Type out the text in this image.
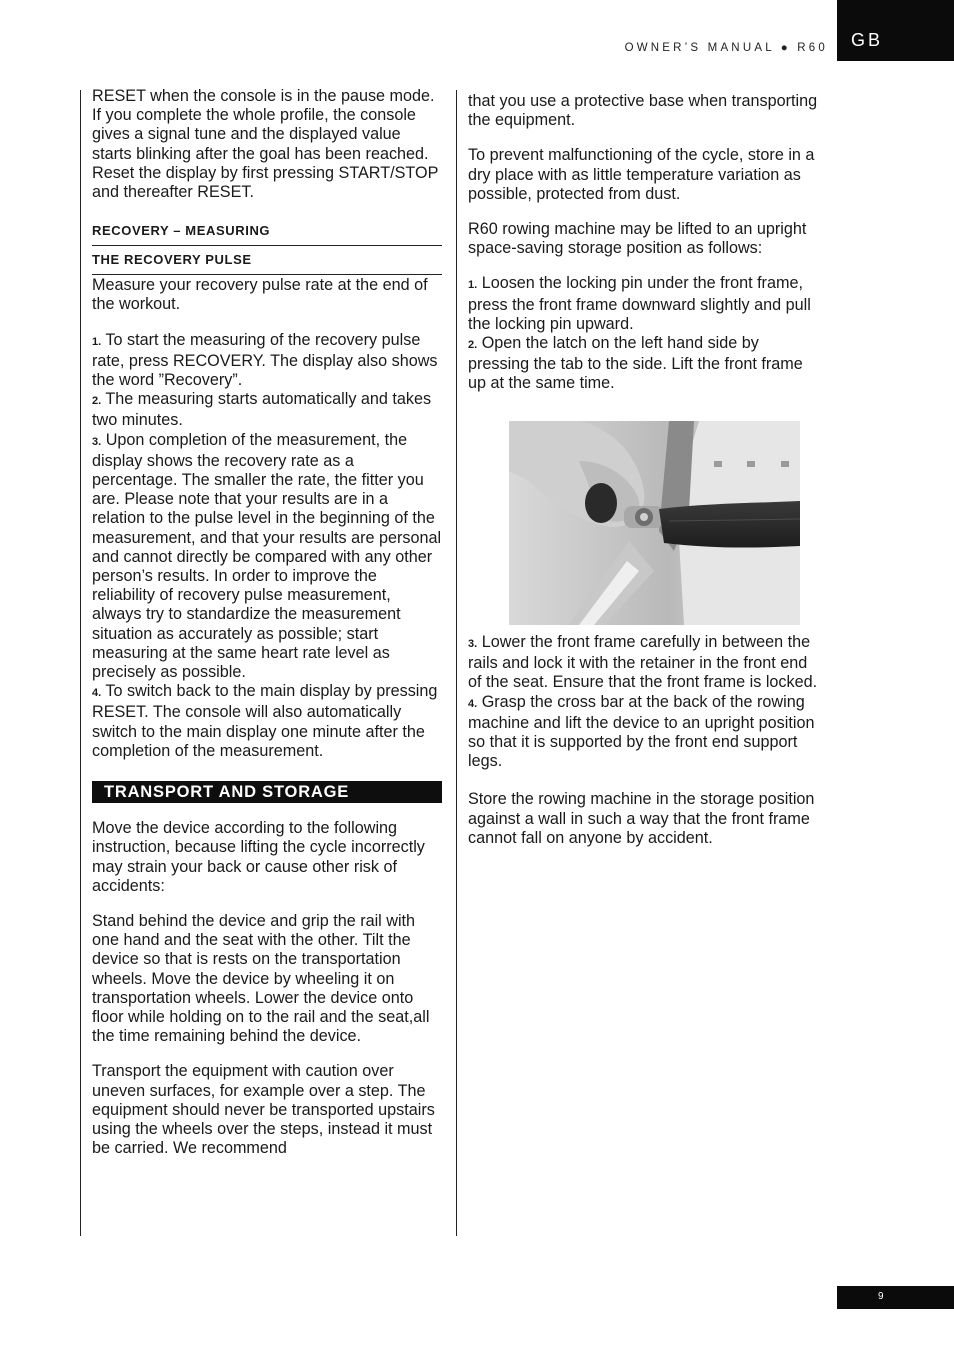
OWNER’S MANUAL ● R60 GB

RESET when the console is in the pause mode.

If you complete the whole profile, the console gives a signal tune and the displayed value starts blinking after the goal has been reached. Reset the display by first pressing START/STOP and thereafter RESET.

RECOVERY – MEASURING
THE RECOVERY PULSE

Measure your recovery pulse rate at the end of the workout.

1. To start the measuring of the recovery pulse rate, press RECOVERY. The display also shows the word ”Recovery”.

2. The measuring starts automatically and takes two minutes.

3. Upon completion of the measurement, the display shows the recovery rate as a percentage. The smaller the rate, the fitter you are. Please note that your results are in a relation to the pulse level in the beginning of the measurement, and that your results are personal and cannot directly be compared with any other person’s results. In order to improve the reliability of recovery pulse measurement, always try to standardize the measurement situation as accurately as possible; start measuring at the same heart rate level as precisely as possible.

4. To switch back to the main display by pressing RESET. The console will also automatically switch to the main display one minute after the completion of the measurement.

TRANSPORT AND STORAGE

Move the device according to the following instruction, because lifting the cycle incorrectly may strain your back or cause other risk of accidents:

Stand behind the device and grip the rail with one hand and the seat with the other. Tilt the device so that is rests on the transportation wheels. Move the device by wheeling it on transportation wheels. Lower the device onto floor while holding on to the rail and the seat,all the time remaining behind the device.

Transport the equipment with caution over uneven surfaces, for example over a step. The equipment should never be transported upstairs using the wheels over the steps, instead it must be carried. We recommend

that you use a protective base when transporting the equipment.

To prevent malfunctioning of the cycle, store in a dry place with as little temperature variation as possible, protected from dust.

R60 rowing machine may be lifted to an upright space-saving storage position as follows:

1. Loosen the locking pin under the front frame, press the front frame downward slightly and pull the locking pin upward.

2. Open the latch on the left hand side by pressing the tab to the side. Lift the front frame up at the same time.

3. Lower the front frame carefully in between the rails and lock it with the retainer in the front end of the seat. Ensure that the front frame is locked.

4. Grasp the cross bar at the back of the rowing machine and lift the device to an upright position so that it is supported by the front end support legs.

Store the rowing machine in the storage position against a wall in such a way that the front frame cannot fall on anyone by accident.

9
